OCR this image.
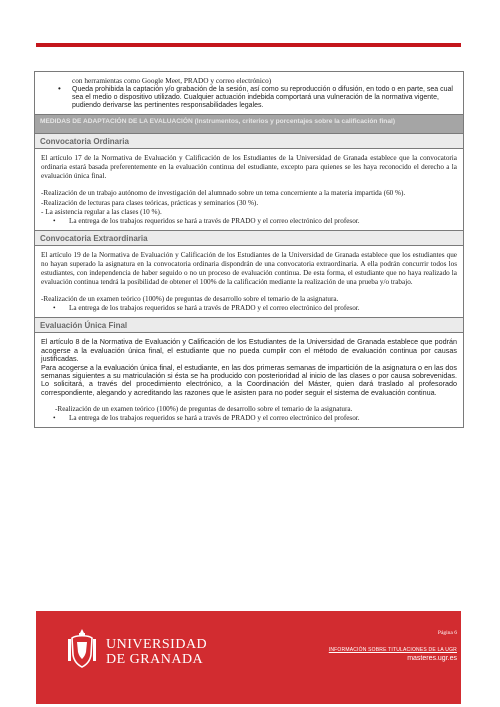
con herramientas como Google Meet, PRADO y correo electrónico)

• Queda prohibida la captación y/o grabación de la sesión, así como su reproducción o difusión, en todo o en parte, sea cual sea el medio o dispositivo utilizado. Cualquier actuación indebida comportará una vulneración de la normativa vigente, pudiendo derivarse las pertinentes responsabilidades legales.
MEDIDAS DE ADAPTACIÓN DE LA EVALUACIÓN (Instrumentos, criterios y porcentajes sobre la calificación final)
Convocatoria Ordinaria

El artículo 17 de la Normativa de Evaluación y Calificación de los Estudiantes de la Universidad de Granada establece que la convocatoria ordinaria estará basada preferentemente en la evaluación continua del estudiante, excepto para quienes se les haya reconocido el derecho a la evaluación única final.

-Realización de un trabajo autónomo de investigación del alumnado sobre un tema concerniente a la materia impartida (60 %).

-Realización de lecturas para clases teóricas, prácticas y seminarios (30 %).

- La asistencia regular a las clases (10 %).

• La entrega de los trabajos requeridos se hará a través de PRADO y el correo electrónico del profesor.
Convocatoria Extraordinaria

El artículo 19 de la Normativa de Evaluación y Calificación de los Estudiantes de la Universidad de Granada establece que los estudiantes que no hayan superado la asignatura en la convocatoria ordinaria dispondrán de una convocatoria extraordinaria. A ella podrán concurrir todos los estudiantes, con independencia de haber seguido o no un proceso de evaluación continua. De esta forma, el estudiante que no haya realizado la evaluación continua tendrá la posibilidad de obtener el 100% de la calificación mediante la realización de una prueba y/o trabajo.

-Realización de un examen teórico (100%) de preguntas de desarrollo sobre el temario de la asignatura.

• La entrega de los trabajos requeridos se hará a través de PRADO y el correo electrónico del profesor.
Evaluación Única Final

El artículo 8 de la Normativa de Evaluación y Calificación de los Estudiantes de la Universidad de Granada establece que podrán acogerse a la evaluación única final, el estudiante que no pueda cumplir con el método de evaluación continua por causas justificadas.

Para acogerse a la evaluación única final, el estudiante, en las dos primeras semanas de impartición de la asignatura o en las dos semanas siguientes a su matriculación si ésta se ha producido con posterioridad al inicio de las clases o por causa sobrevenidas. Lo solicitará, a través del procedimiento electrónico, a la Coordinación del Máster, quien dará traslado al profesorado correspondiente, alegando y acreditando las razones que le asisten para no poder seguir el sistema de evaluación continua.

-Realización de un examen teórico (100%) de preguntas de desarrollo sobre el temario de la asignatura.

• La entrega de los trabajos requeridos se hará a través de PRADO y el correo electrónico del profesor.
UNIVERSIDAD
DE GRANADA
Página 6
INFORMACIÓN SOBRE TITULACIONES DE LA UGR
masteres.ugr.es
